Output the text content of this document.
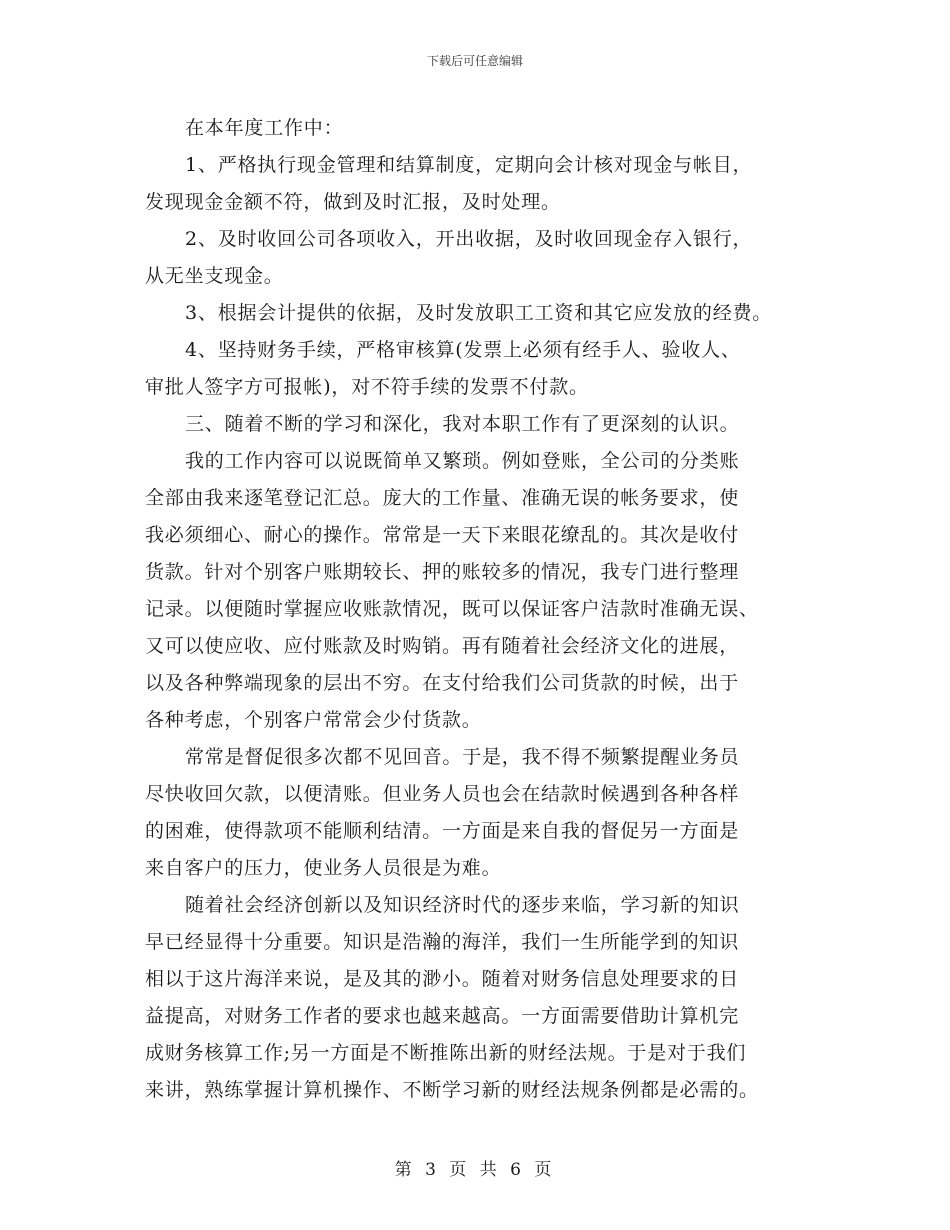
下载后可任意编辑
在本年度工作中：
1、严格执行现金管理和结算制度，定期向会计核对现金与帐目，
发现现金金额不符，做到及时汇报，及时处理。
2、及时收回公司各项收入，开出收据，及时收回现金存入银行，
从无坐支现金。
3、根据会计提供的依据，及时发放职工工资和其它应发放的经费。
4、坚持财务手续，严格审核算(发票上必须有经手人、验收人、
审批人签字方可报帐)，对不符手续的发票不付款。
三、随着不断的学习和深化，我对本职工作有了更深刻的认识。
我的工作内容可以说既简单又繁琐。例如登账，全公司的分类账
全部由我来逐笔登记汇总。庞大的工作量、准确无误的帐务要求，使
我必须细心、耐心的操作。常常是一天下来眼花缭乱的。其次是收付
货款。针对个别客户账期较长、押的账较多的情况，我专门进行整理
记录。以便随时掌握应收账款情况，既可以保证客户洁款时准确无误、
又可以使应收、应付账款及时购销。再有随着社会经济文化的进展，
以及各种弊端现象的层出不穷。在支付给我们公司货款的时候，出于
各种考虑，个别客户常常会少付货款。
常常是督促很多次都不见回音。于是，我不得不频繁提醒业务员
尽快收回欠款，以便清账。但业务人员也会在结款时候遇到各种各样
的困难，使得款项不能顺利结清。一方面是来自我的督促另一方面是
来自客户的压力，使业务人员很是为难。
随着社会经济创新以及知识经济时代的逐步来临，学习新的知识
早已经显得十分重要。知识是浩瀚的海洋，我们一生所能学到的知识
相以于这片海洋来说，是及其的渺小。随着对财务信息处理要求的日
益提高，对财务工作者的要求也越来越高。一方面需要借助计算机完
成财务核算工作;另一方面是不断推陈出新的财经法规。于是对于我们
来讲，熟练掌握计算机操作、不断学习新的财经法规条例都是必需的。
第 3 页 共 6 页
